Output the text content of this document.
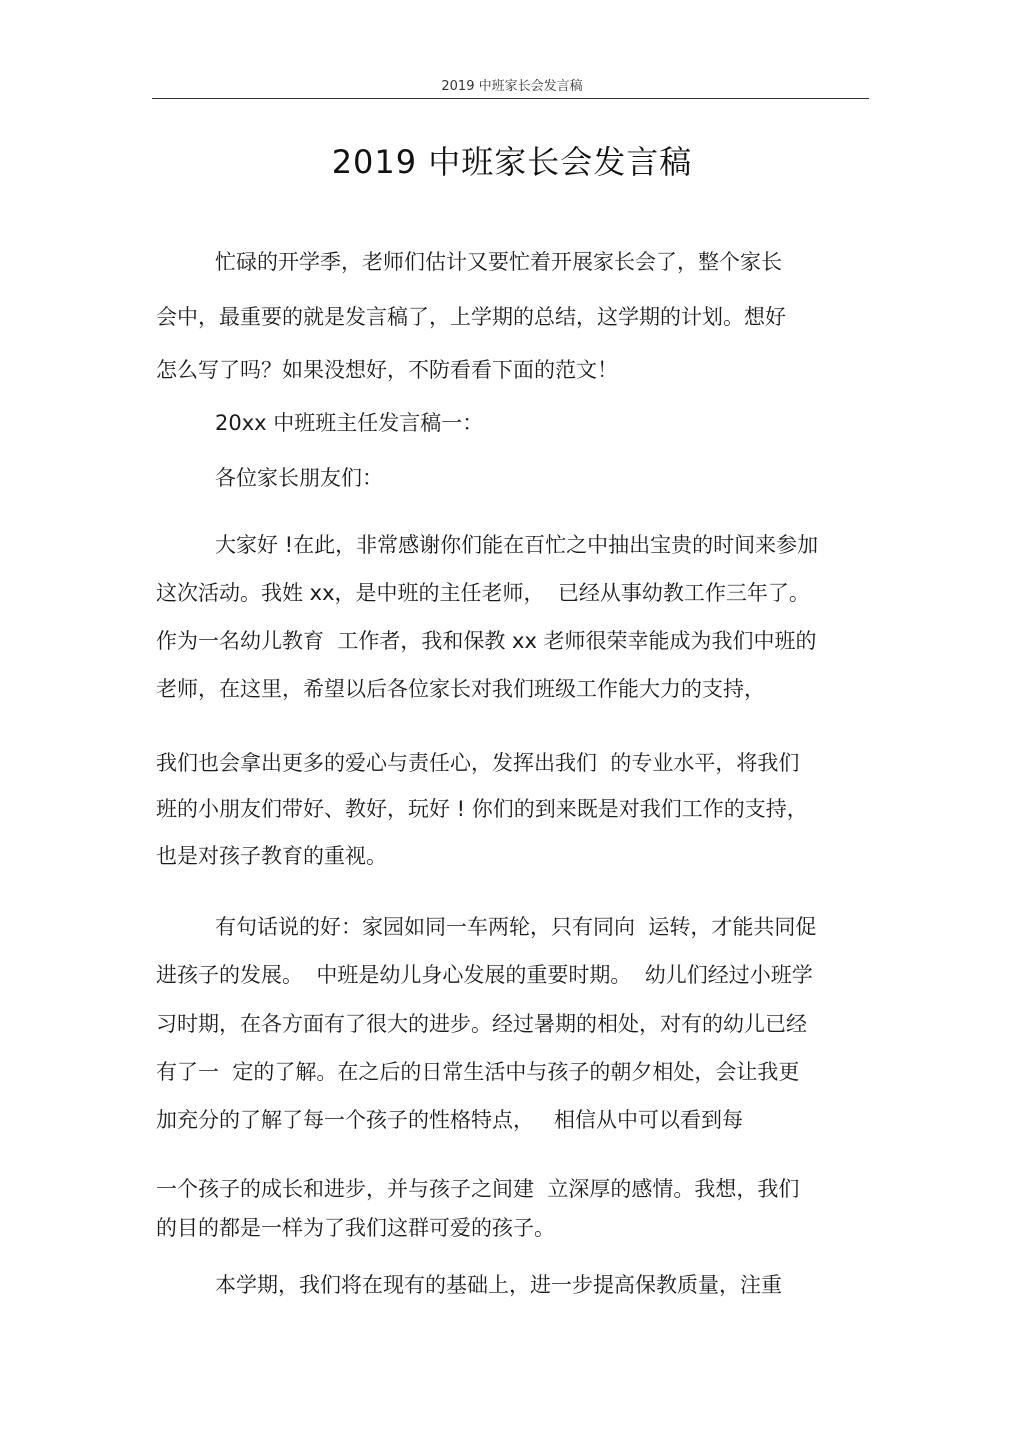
2019 中班家长会发言稿
2019 中班家长会发言稿
忙碌的开学季，老师们估计又要忙着开展家长会了，整个家长
会中，最重要的就是发言稿了，上学期的总结，这学期的计划。想好
怎么写了吗？如果没想好，不防看看下面的范文！
20xx 中班班主任发言稿一：
各位家长朋友们：
大家好 !在此，非常感谢你们能在百忙之中抽出宝贵的时间来参加
这次活动。我姓 xx，是中班的主任老师，  已经从事幼教工作三年了。
作为一名幼儿教育  工作者，我和保教 xx 老师很荣幸能成为我们中班的
老师，在这里，希望以后各位家长对我们班级工作能大力的支持，
我们也会拿出更多的爱心与责任心，发挥出我们  的专业水平，将我们
班的小朋友们带好、教好，玩好 ! 你们的到来既是对我们工作的支持，
也是对孩子教育的重视。
有句话说的好：家园如同一车两轮，只有同向  运转，才能共同促
进孩子的发展。  中班是幼儿身心发展的重要时期。  幼儿们经过小班学
习时期，在各方面有了很大的进步。经过暑期的相处，对有的幼儿已经
有了一  定的了解。在之后的日常生活中与孩子的朝夕相处，会让我更
加充分的了解了每一个孩子的性格特点，   相信从中可以看到每
一个孩子的成长和进步，并与孩子之间建  立深厚的感情。我想，我们
的目的都是一样为了我们这群可爱的孩子。
本学期，我们将在现有的基础上，进一步提高保教质量，注重
